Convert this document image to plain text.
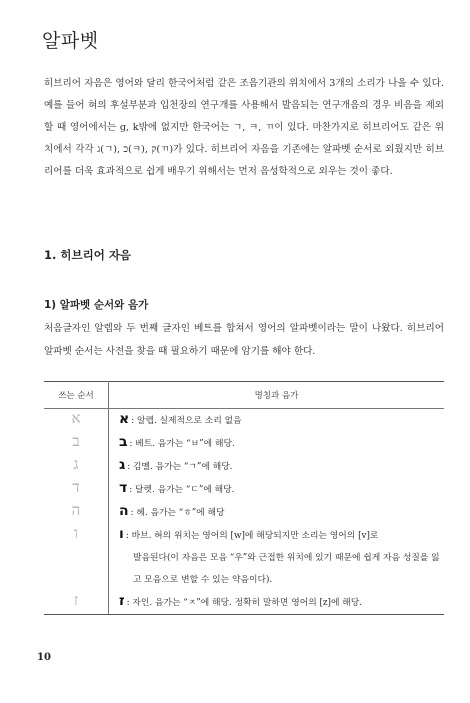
알파벳

히브리어 자음은 영어와 달리 한국어처럼 같은 조음기관의 위치에서 3개의 소리가 나올 수 있다. 예를 들어 혀의 후설부분과 입천장의 연구개를 사용해서 발음되는 연구개음의 경우 비음을 제외할 때 영어에서는 g, k밖에 없지만 한국어는 ㄱ, ㅋ, ㄲ이 있다. 마찬가지로 히브리어도 같은 위치에서 각각 ג(ㄱ), כ(ㅋ), ק(ㄲ)가 있다. 히브리어 자음을 기존에는 알파벳 순서로 외웠지만 히브리어를 더욱 효과적으로 쉽게 배우기 위해서는 먼저 음성학적으로 외우는 것이 좋다.

1. 히브리어 자음
1) 알파벳 순서와 음가

처음글자인 알렙와 두 번째 글자인 베트를 합쳐서 영어의 알파벳이라는 말이 나왔다. 히브리어 알파벳 순서는 사전을 찾을 때 필요하기 때문에 암기를 해야 한다.

쓰는 순서	명칭과 음가
א	א : 알렙. 실제적으로 소리 없음
ב	ב : 베트. 음가는 “ㅂ”에 해당.
ג	ג : 김멜. 음가는 “ㄱ”에 해당.
ד	ד : 달렛. 음가는 “ㄷ”에 해당.
ה	ה : 헤. 음가는 “ㅎ”에 해당
ו	ו : 바브. 혀의 위치는 영어의 [w]에 해당되지만 소리는 영어의 [v]로
발음된다(이 자음은 모음 “우”와 근접한 위치에 있기 때문에 쉽게 자음 성질을 잃고 모음으로 변할 수 있는 약음이다).

ז	ז : 자인. 음가는 “ㅈ”에 해당. 정확히 말하면 영어의 [z]에 해당.
10
